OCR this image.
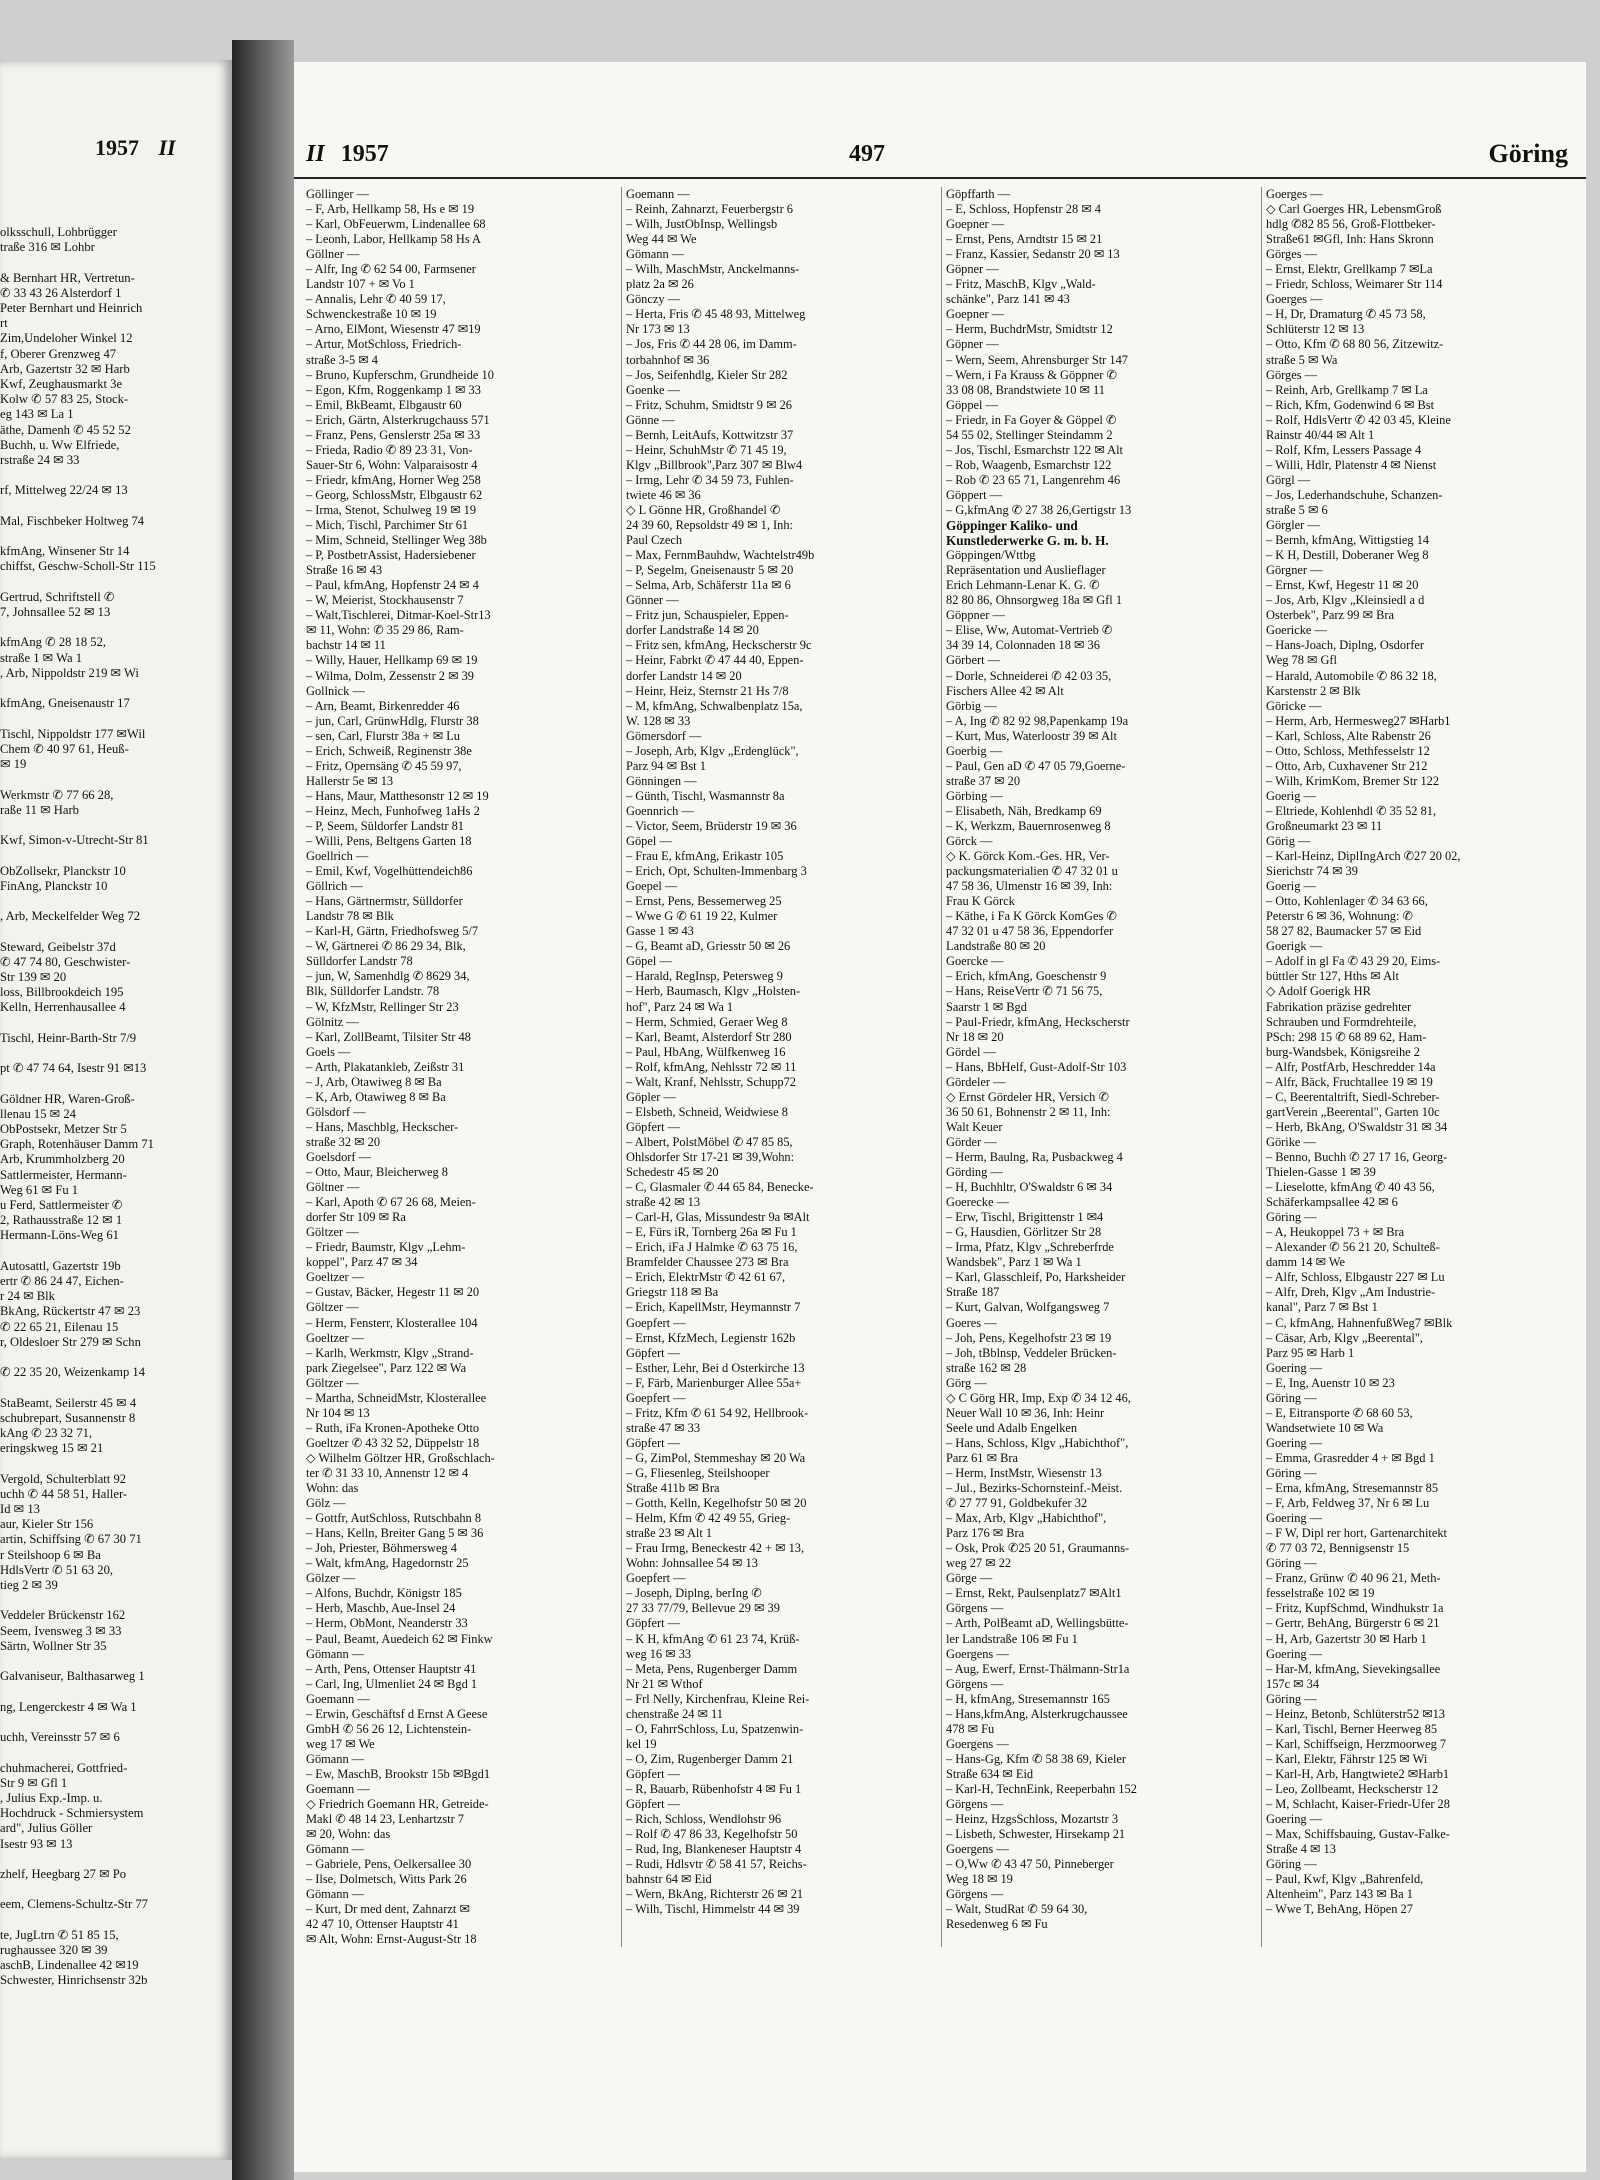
1957 II
olksschull, Lohbrügger
traße 316 ✉ Lohbr

& Bernhart HR, Vertretun-
✆ 33 43 26 Alsterdorf 1
Peter Bernhart und Heinrich
rt
Zim,Undeloher Winkel 12
f, Oberer Grenzweg 47
Arb, Gazertstr 32 ✉ Harb
Kwf, Zeughausmarkt 3e
Kolw ✆ 57 83 25, Stock-
eg 143 ✉ La 1
äthe, Damenh ✆ 45 52 52
Buchh, u. Ww Elfriede,
rstraße 24 ✉ 33

rf, Mittelweg 22/24 ✉ 13

Mal, Fischbeker Holtweg 74

kfmAng, Winsener Str 14
chiffst, Geschw-Scholl-Str 115

Gertrud, Schriftstell ✆
7, Johnsallee 52 ✉ 13

kfmAng ✆ 28 18 52,
straße 1 ✉ Wa 1
, Arb, Nippoldstr 219 ✉ Wi

kfmAng, Gneisenaustr 17

Tischl, Nippoldstr 177 ✉Wil
Chem ✆ 40 97 61, Heuß-
✉ 19

Werkmstr ✆ 77 66 28,
raße 11 ✉ Harb

Kwf, Simon-v-Utrecht-Str 81

ObZollsekr, Planckstr 10
FinAng, Planckstr 10

, Arb, Meckelfelder Weg 72

Steward, Geibelstr 37d
✆ 47 74 80, Geschwister-
Str 139 ✉ 20
loss, Billbrookdeich 195
Kelln, Herrenhausallee 4

Tischl, Heinr-Barth-Str 7/9

pt ✆ 47 74 64, Isestr 91 ✉13

Göldner HR, Waren-Groß-
llenau 15 ✉ 24
ObPostsekr, Metzer Str 5
Graph, Rotenhäuser Damm 71
Arb, Krummholzberg 20
Sattlermeister, Hermann-
Weg 61 ✉ Fu 1
u Ferd, Sattlermeister ✆
2, Rathausstraße 12 ✉ 1
Hermann-Löns-Weg 61

Autosattl, Gazertstr 19b
ertr ✆ 86 24 47, Eichen-
r 24 ✉ Blk
BkAng, Rückertstr 47 ✉ 23
✆ 22 65 21, Eilenau 15
r, Oldesloer Str 279 ✉ Schn

✆ 22 35 20, Weizenkamp 14

StaBeamt, Seilerstr 45 ✉ 4
schubrepart, Susannenstr 8
kAng ✆ 23 32 71,
eringskweg 15 ✉ 21

Vergold, Schulterblatt 92
uchh ✆ 44 58 51, Haller-
Id ✉ 13
aur, Kieler Str 156
artin, Schiffsing ✆ 67 30 71
r Steilshoop 6 ✉ Ba
HdlsVertr ✆ 51 63 20,
tieg 2 ✉ 39

Veddeler Brückenstr 162
Seem, Ivensweg 3 ✉ 33
Särtn, Wollner Str 35

Galvaniseur, Balthasarweg 1

ng, Lengerckestr 4 ✉ Wa 1

uchh, Vereinsstr 57 ✉ 6

chuhmacherei, Gottfried-
Str 9 ✉ Gfl 1
, Julius Exp.-Imp. u.
Hochdruck - Schmiersystem
ard", Julius Göller
Isestr 93 ✉ 13

zhelf, Heegbarg 27 ✉ Po

eem, Clemens-Schultz-Str 77

te, JugLtrn ✆ 51 85 15,
rughaussee 320 ✉ 39
aschB, Lindenallee 42 ✉19
Schwester, Hinrichsenstr 32b
II 1957	497	Göring
Göllinger —
– F, Arb, Hellkamp 58, Hs e ✉ 19
– Karl, ObFeuerwm, Lindenallee 68
– Leonh, Labor, Hellkamp 58 Hs A
Göllner —
– Alfr, Ing ✆ 62 54 00, Farmsener
Landstr 107 + ✉ Vo 1
– Annalis, Lehr ✆ 40 59 17,
Schwenckestraße 10 ✉ 19
– Arno, ElMont, Wiesenstr 47 ✉19
– Artur, MotSchloss, Friedrich-
straße 3-5 ✉ 4
– Bruno, Kupferschm, Grundheide 10
– Egon, Kfm, Roggenkamp 1 ✉ 33
– Emil, BkBeamt, Elbgaustr 60
– Erich, Gärtn, Alsterkrugchauss 571
– Franz, Pens, Genslerstr 25a ✉ 33
– Frieda, Radio ✆ 89 23 31, Von-
Sauer-Str 6, Wohn: Valparaisostr 4
– Friedr, kfmAng, Horner Weg 258
– Georg, SchlossMstr, Elbgaustr 62
– Irma, Stenot, Schulweg 19 ✉ 19
– Mich, Tischl, Parchimer Str 61
– Mim, Schneid, Stellinger Weg 38b
– P, PostbetrAssist, Hadersiebener
Straße 16 ✉ 43
– Paul, kfmAng, Hopfenstr 24 ✉ 4
– W, Meierist, Stockhausenstr 7
– Walt,Tischlerei, Ditmar-Koel-Str13
✉ 11, Wohn: ✆ 35 29 86, Ram-
bachstr 14 ✉ 11
– Willy, Hauer, Hellkamp 69 ✉ 19
– Wilma, Dolm, Zessenstr 2 ✉ 39
Gollnick —
– Arn, Beamt, Birkenredder 46
– jun, Carl, GrünwHdlg, Flurstr 38
– sen, Carl, Flurstr 38a + ✉ Lu
– Erich, Schweiß, Reginenstr 38e
– Fritz, Opernsäng ✆ 45 59 97,
Hallerstr 5e ✉ 13
– Hans, Maur, Matthesonstr 12 ✉ 19
– Heinz, Mech, Funhofweg 1aHs 2
– P, Seem, Süldorfer Landstr 81
– Willi, Pens, Beltgens Garten 18
Goellrich —
– Emil, Kwf, Vogelhüttendeich86
Göllrich —
– Hans, Gärtnermstr, Sülldorfer
Landstr 78 ✉ Blk
– Karl-H, Gärtn, Friedhofsweg 5/7
– W, Gärtnerei ✆ 86 29 34, Blk,
Sülldorfer Landstr 78
– jun, W, Samenhdlg ✆ 8629 34,
Blk, Sülldorfer Landstr. 78
– W, KfzMstr, Rellinger Str 23
Gölnitz —
– Karl, ZollBeamt, Tilsiter Str 48
Goels —
– Arth, Plakatankleb, Zeißstr 31
– J, Arb, Otawiweg 8 ✉ Ba
– K, Arb, Otawiweg 8 ✉ Ba
Gölsdorf —
– Hans, Maschblg, Heckscher-
straße 32 ✉ 20
Goelsdorf —
– Otto, Maur, Bleicherweg 8
Göltner —
– Karl, Apoth ✆ 67 26 68, Meien-
dorfer Str 109 ✉ Ra
Göltzer —
– Friedr, Baumstr, Klgv „Lehm-
koppel", Parz 47 ✉ 34
Goeltzer —
– Gustav, Bäcker, Hegestr 11 ✉ 20
Göltzer —
– Herm, Fensterr, Klosterallee 104
Goeltzer —
– Karlh, Werkmstr, Klgv „Strand-
park Ziegelsee", Parz 122 ✉ Wa
Göltzer —
– Martha, SchneidMstr, Klosterallee
Nr 104 ✉ 13
– Ruth, iFa Kronen-Apotheke Otto
Goeltzer ✆ 43 32 52, Düppelstr 18
◇ Wilhelm Göltzer HR, Großschlach-
ter ✆ 31 33 10, Annenstr 12 ✉ 4
Wohn: das
Gölz —
– Gottfr, AutSchloss, Rutschbahn 8
– Hans, Kelln, Breiter Gang 5 ✉ 36
– Joh, Priester, Böhmersweg 4
– Walt, kfmAng, Hagedornstr 25
Gölzer —
– Alfons, Buchdr, Königstr 185
– Herb, Maschb, Aue-Insel 24
– Herm, ObMont, Neanderstr 33
– Paul, Beamt, Auedeich 62 ✉ Finkw
Gömann —
– Arth, Pens, Ottenser Hauptstr 41
– Carl, Ing, Ulmenliet 24 ✉ Bgd 1
Goemann —
– Erwin, Geschäftsf d Ernst A Geese
GmbH ✆ 56 26 12, Lichtenstein-
weg 17 ✉ We
Gömann —
– Ew, MaschB, Brookstr 15b ✉Bgd1
Goemann —
◇ Friedrich Goemann HR, Getreide-
Makl ✆ 48 14 23, Lenhartzstr 7
✉ 20, Wohn: das
Gömann —
– Gabriele, Pens, Oelkersallee 30
– Ilse, Dolmetsch, Witts Park 26
Gömann —
– Kurt, Dr med dent, Zahnarzt ✉
42 47 10, Ottenser Hauptstr 41
✉ Alt, Wohn: Ernst-August-Str 18
Goemann —
– Reinh, Zahnarzt, Feuerbergstr 6
– Wilh, JustObInsp, Wellingsb
Weg 44 ✉ We
Gömann —
– Wilh, MaschMstr, Anckelmanns-
platz 2a ✉ 26
Gönczy —
– Herta, Fris ✆ 45 48 93, Mittelweg
Nr 173 ✉ 13
– Jos, Fris ✆ 44 28 06, im Damm-
torbahnhof ✉ 36
– Jos, Seifenhdlg, Kieler Str 282
Goenke —
– Fritz, Schuhm, Smidtstr 9 ✉ 26
Gönne —
– Bernh, LeitAufs, Kottwitzstr 37
– Heinr, SchuhMstr ✆ 71 45 19,
Klgv „Billbrook",Parz 307 ✉ Blw4
– Irmg, Lehr ✆ 34 59 73, Fuhlen-
twiete 46 ✉ 36
◇ L Gönne HR, Großhandel ✆
24 39 60, Repsoldstr 49 ✉ 1, Inh:
Paul Czech
– Max, FernmBauhdw, Wachtelstr49b
– P, Segelm, Gneisenaustr 5 ✉ 20
– Selma, Arb, Schäferstr 11a ✉ 6
Gönner —
– Fritz jun, Schauspieler, Eppen-
dorfer Landstraße 14 ✉ 20
– Fritz sen, kfmAng, Heckscherstr 9c
– Heinr, Fabrkt ✆ 47 44 40, Eppen-
dorfer Landstr 14 ✉ 20
– Heinr, Heiz, Sternstr 21 Hs 7/8
– M, kfmAng, Schwalbenplatz 15a,
W. 128 ✉ 33
Gömersdorf —
– Joseph, Arb, Klgv „Erdenglück",
Parz 94 ✉ Bst 1
Gönningen —
– Günth, Tischl, Wasmannstr 8a
Goennrich —
– Victor, Seem, Brüderstr 19 ✉ 36
Göpel —
– Frau E, kfmAng, Erikastr 105
– Erich, Opt, Schulten-Immenbarg 3
Goepel —
– Ernst, Pens, Bessemerweg 25
– Wwe G ✆ 61 19 22, Kulmer
Gasse 1 ✉ 43
– G, Beamt aD, Griesstr 50 ✉ 26
Göpel —
– Harald, RegInsp, Petersweg 9
– Herb, Baumasch, Klgv „Holsten-
hof", Parz 24 ✉ Wa 1
– Herm, Schmied, Geraer Weg 8
– Karl, Beamt, Alsterdorf Str 280
– Paul, HbAng, Wülfkenweg 16
– Rolf, kfmAng, Nehlsstr 72 ✉ 11
– Walt, Kranf, Nehlsstr, Schupp72
Göpler —
– Elsbeth, Schneid, Weidwiese 8
Göpfert —
– Albert, PolstMöbel ✆ 47 85 85,
Ohlsdorfer Str 17-21 ✉ 39,Wohn:
Schedestr 45 ✉ 20
– C, Glasmaler ✆ 44 65 84, Benecke-
straße 42 ✉ 13
– Carl-H, Glas, Missundestr 9a ✉Alt
– E, Fürs iR, Tornberg 26a ✉ Fu 1
– Erich, iFa J Halmke ✆ 63 75 16,
Bramfelder Chaussee 273 ✉ Bra
– Erich, ElektrMstr ✆ 42 61 67,
Griegstr 118 ✉ Ba
– Erich, KapellMstr, Heymannstr 7
Goepfert —
– Ernst, KfzMech, Legienstr 162b
Göpfert —
– Esther, Lehr, Bei d Osterkirche 13
– F, Färb, Marienburger Allee 55a+
Goepfert —
– Fritz, Kfm ✆ 61 54 92, Hellbrook-
straße 47 ✉ 33
Göpfert —
– G, ZimPol, Stemmeshay ✉ 20 Wa
– G, Fliesenleg, Steilshooper
Straße 411b ✉ Bra
– Gotth, Kelln, Kegelhofstr 50 ✉ 20
– Helm, Kfm ✆ 42 49 55, Grieg-
straße 23 ✉ Alt 1
– Frau Irmg, Beneckestr 42 + ✉ 13,
Wohn: Johnsallee 54 ✉ 13
Goepfert —
– Joseph, Diplng, berIng ✆
27 33 77/79, Bellevue 29 ✉ 39
Göpfert —
– K H, kfmAng ✆ 61 23 74, Krüß-
weg 16 ✉ 33
– Meta, Pens, Rugenberger Damm
Nr 21 ✉ Wthof
– Frl Nelly, Kirchenfrau, Kleine Rei-
chenstraße 24 ✉ 11
– O, FahrrSchloss, Lu, Spatzenwin-
kel 19
– O, Zim, Rugenberger Damm 21
Göpfert —
– R, Bauarb, Rübenhofstr 4 ✉ Fu 1
Göpfert —
– Rich, Schloss, Wendlohstr 96
– Rolf ✆ 47 86 33, Kegelhofstr 50
– Rud, Ing, Blankeneser Hauptstr 4
– Rudi, Hdlsvtr ✆ 58 41 57, Reichs-
bahnstr 64 ✉ Eid
– Wern, BkAng, Richterstr 26 ✉ 21
– Wilh, Tischl, Himmelstr 44 ✉ 39
Göpffarth —
– E, Schloss, Hopfenstr 28 ✉ 4
Goepner —
– Ernst, Pens, Arndtstr 15 ✉ 21
– Franz, Kassier, Sedanstr 20 ✉ 13
Göpner —
– Fritz, MaschB, Klgv „Wald-
schänke", Parz 141 ✉ 43
Goepner —
– Herm, BuchdrMstr, Smidtstr 12
Göpner —
– Wern, Seem, Ahrensburger Str 147
– Wern, i Fa Krauss & Göppner ✆
33 08 08, Brandstwiete 10 ✉ 11
Göppel —
– Friedr, in Fa Goyer & Göppel ✆
54 55 02, Stellinger Steindamm 2
– Jos, Tischl, Esmarchstr 122 ✉ Alt
– Rob, Waagenb, Esmarchstr 122
– Rob ✆ 23 65 71, Langenrehm 46
Göppert —
– G,kfmAng ✆ 27 38 26,Gertigstr 13
Göppinger Kaliko- und
Kunstlederwerke G. m. b. H.
Göppingen/Wttbg
Repräsentation und Auslieflager
Erich Lehmann-Lenar K. G. ✆
82 80 86, Ohnsorgweg 18a ✉ Gfl 1
Göppner —
– Elise, Ww, Automat-Vertrieb ✆
34 39 14, Colonnaden 18 ✉ 36
Görbert —
– Dorle, Schneiderei ✆ 42 03 35,
Fischers Allee 42 ✉ Alt
Görbig —
– A, Ing ✆ 82 92 98,Papenkamp 19a
– Kurt, Mus, Waterloostr 39 ✉ Alt
Goerbig —
– Paul, Gen aD ✆ 47 05 79,Goerne-
straße 37 ✉ 20
Görbing —
– Elisabeth, Näh, Bredkamp 69
– K, Werkzm, Bauernrosenweg 8
Görck —
◇ K. Görck Kom.-Ges. HR, Ver-
packungsmaterialien ✆ 47 32 01 u
47 58 36, Ulmenstr 16 ✉ 39, Inh:
Frau K Görck
– Käthe, i Fa K Görck KomGes ✆
47 32 01 u 47 58 36, Eppendorfer
Landstraße 80 ✉ 20
Goercke —
– Erich, kfmAng, Goeschenstr 9
– Hans, ReiseVertr ✆ 71 56 75,
Saarstr 1 ✉ Bgd
– Paul-Friedr, kfmAng, Heckscherstr
Nr 18 ✉ 20
Gördel —
– Hans, BbHelf, Gust-Adolf-Str 103
Gördeler —
◇ Ernst Gördeler HR, Versich ✆
36 50 61, Bohnenstr 2 ✉ 11, Inh:
Walt Keuer
Görder —
– Herm, Baulng, Ra, Pusbackweg 4
Görding —
– H, Buchhltr, O'Swaldstr 6 ✉ 34
Goerecke —
– Erw, Tischl, Brigittenstr 1 ✉4
– G, Hausdien, Görlitzer Str 28
– Irma, Pfatz, Klgv „Schreberfrde
Wandsbek", Parz 1 ✉ Wa 1
– Karl, Glasschleif, Po, Harksheider
Straße 187
– Kurt, Galvan, Wolfgangsweg 7
Goeres —
– Joh, Pens, Kegelhofstr 23 ✉ 19
– Joh, tBblnsp, Veddeler Brücken-
straße 162 ✉ 28
Görg —
◇ C Görg HR, Imp, Exp ✆ 34 12 46,
Neuer Wall 10 ✉ 36, Inh: Heinr
Seele und Adalb Engelken
– Hans, Schloss, Klgv „Habichthof",
Parz 61 ✉ Bra
– Herm, InstMstr, Wiesenstr 13
– Jul., Bezirks-Schornsteinf.-Meist.
✆ 27 77 91, Goldbekufer 32
– Max, Arb, Klgv „Habichthof",
Parz 176 ✉ Bra
– Osk, Prok ✆25 20 51, Graumanns-
weg 27 ✉ 22
Görge —
– Ernst, Rekt, Paulsenplatz7 ✉Alt1
Görgens —
– Arth, PolBeamt aD, Wellingsbütte-
ler Landstraße 106 ✉ Fu 1
Goergens —
– Aug, Ewerf, Ernst-Thälmann-Str1a
Görgens —
– H, kfmAng, Stresemannstr 165
– Hans,kfmAng, Alsterkrugchaussee
478 ✉ Fu
Goergens —
– Hans-Gg, Kfm ✆ 58 38 69, Kieler
Straße 634 ✉ Eid
– Karl-H, TechnEink, Reeperbahn 152
Görgens —
– Heinz, HzgsSchloss, Mozartstr 3
– Lisbeth, Schwester, Hirsekamp 21
Goergens —
– O,Ww ✆ 43 47 50, Pinneberger
Weg 18 ✉ 19
Görgens —
– Walt, StudRat ✆ 59 64 30,
Resedenweg 6 ✉ Fu
Goerges —
◇ Carl Goerges HR, LebensmGroß
hdlg ✆82 85 56, Groß-Flottbeker-
Straße61 ✉Gfl, Inh: Hans Skronn
Görges —
– Ernst, Elektr, Grellkamp 7 ✉La
– Friedr, Schloss, Weimarer Str 114
Goerges —
– H, Dr, Dramaturg ✆ 45 73 58,
Schlüterstr 12 ✉ 13
– Otto, Kfm ✆ 68 80 56, Zitzewitz-
straße 5 ✉ Wa
Görges —
– Reinh, Arb, Grellkamp 7 ✉ La
– Rich, Kfm, Godenwind 6 ✉ Bst
– Rolf, HdlsVertr ✆ 42 03 45, Kleine
Rainstr 40/44 ✉ Alt 1
– Rolf, Kfm, Lessers Passage 4
– Willi, Hdlr, Platenstr 4 ✉ Nienst
Görgl —
– Jos, Lederhandschuhe, Schanzen-
straße 5 ✉ 6
Görgler —
– Bernh, kfmAng, Wittigstieg 14
– K H, Destill, Doberaner Weg 8
Görgner —
– Ernst, Kwf, Hegestr 11 ✉ 20
– Jos, Arb, Klgv „Kleinsiedl a d
Osterbek", Parz 99 ✉ Bra
Goericke —
– Hans-Joach, Diplng, Osdorfer
Weg 78 ✉ Gfl
– Harald, Automobile ✆ 86 32 18,
Karstenstr 2 ✉ Blk
Göricke —
– Herm, Arb, Hermesweg27 ✉Harb1
– Karl, Schloss, Alte Rabenstr 26
– Otto, Schloss, Methfesselstr 12
– Otto, Arb, Cuxhavener Str 212
– Wilh, KrimKom, Bremer Str 122
Goerig —
– Eltriede, Kohlenhdl ✆ 35 52 81,
Großneumarkt 23 ✉ 11
Görig —
– Karl-Heinz, DiplIngArch ✆27 20 02,
Sierichstr 74 ✉ 39
Goerig —
– Otto, Kohlenlager ✆ 34 63 66,
Peterstr 6 ✉ 36, Wohnung: ✆
58 27 82, Baumacker 57 ✉ Eid
Goerigk —
– Adolf in gl Fa ✆ 43 29 20, Eims-
büttler Str 127, Hths ✉ Alt
◇ Adolf Goerigk HR
Fabrikation präzise gedrehter
Schrauben und Formdrehteile,
PSch: 298 15 ✆ 68 89 62, Ham-
burg-Wandsbek, Königsreihe 2
– Alfr, PostfArb, Heschredder 14a
– Alfr, Bäck, Fruchtallee 19 ✉ 19
– C, Beerentaltrift, Siedl-Schreber-
gartVerein „Beerental", Garten 10c
– Herb, BkAng, O'Swaldstr 31 ✉ 34
Görike —
– Benno, Buchh ✆ 27 17 16, Georg-
Thielen-Gasse 1 ✉ 39
– Lieselotte, kfmAng ✆ 40 43 56,
Schäferkampsallee 42 ✉ 6
Göring —
– A, Heukoppel 73 + ✉ Bra
– Alexander ✆ 56 21 20, Schulteß-
damm 14 ✉ We
– Alfr, Schloss, Elbgaustr 227 ✉ Lu
– Alfr, Dreh, Klgv „Am Industrie-
kanal", Parz 7 ✉ Bst 1
– C, kfmAng, HahnenfußWeg7 ✉Blk
– Cäsar, Arb, Klgv „Beerental",
Parz 95 ✉ Harb 1
Goering —
– E, Ing, Auenstr 10 ✉ 23
Göring —
– E, Eitransporte ✆ 68 60 53,
Wandsetwiete 10 ✉ Wa
Goering —
– Emma, Grasredder 4 + ✉ Bgd 1
Göring —
– Erna, kfmAng, Stresemannstr 85
– F, Arb, Feldweg 37, Nr 6 ✉ Lu
Goering —
– F W, Dipl rer hort, Gartenarchitekt
✆ 77 03 72, Bennigsenstr 15
Göring —
– Franz, Grünw ✆ 40 96 21, Meth-
fesselstraße 102 ✉ 19
– Fritz, KupfSchmd, Windhukstr 1a
– Gertr, BehAng, Bürgerstr 6 ✉ 21
– H, Arb, Gazertstr 30 ✉ Harb 1
Goering —
– Har-M, kfmAng, Sievekingsallee
157c ✉ 34
Göring —
– Heinz, Betonb, Schlüterstr52 ✉13
– Karl, Tischl, Berner Heerweg 85
– Karl, Schiffseign, Herzmoorweg 7
– Karl, Elektr, Fährstr 125 ✉ Wi
– Karl-H, Arb, Hangtwiete2 ✉Harb1
– Leo, Zollbeamt, Heckscherstr 12
– M, Schlacht, Kaiser-Friedr-Ufer 28
Goering —
– Max, Schiffsbauing, Gustav-Falke-
Straße 4 ✉ 13
Göring —
– Paul, Kwf, Klgv „Bahrenfeld,
Altenheim", Parz 143 ✉ Ba 1
– Wwe T, BehAng, Höpen 27
